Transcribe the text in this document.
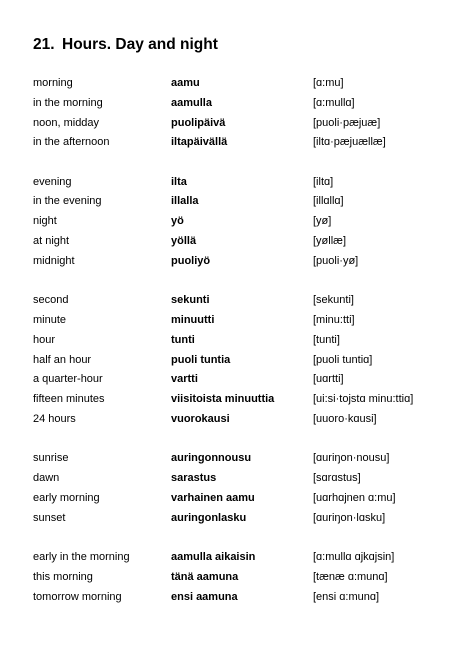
21. Hours. Day and night
morning	aamu	[ɑ:mu]
in the morning	aamulla	[ɑ:mullɑ]
noon, midday	puolipäivä	[puoli·pæjuæ]
in the afternoon	iltapäivällä	[iltɑ·pæjuællæ]
evening	ilta	[iltɑ]
in the evening	illalla	[illɑllɑ]
night	yö	[yø]
at night	yöllä	[yøllæ]
midnight	puoliyö	[puoli·yø]
second	sekunti	[sekunti]
minute	minuutti	[minu:tti]
hour	tunti	[tunti]
half an hour	puoli tuntia	[puoli tuntiɑ]
a quarter-hour	vartti	[uɑrtti]
fifteen minutes	viisitoista minuuttia	[ui:si·tojstɑ minu:ttiɑ]
24 hours	vuorokausi	[uuoro·kɑusi]
sunrise	auringonnousu	[ɑuriŋon·nousu]
dawn	sarastus	[sɑrɑstus]
early morning	varhainen aamu	[uɑrhɑjnen ɑ:mu]
sunset	auringonlasku	[ɑuriŋon·lɑsku]
early in the morning	aamulla aikaisin	[ɑ:mullɑ ɑjkɑjsin]
this morning	tänä aamuna	[tænæ ɑ:munɑ]
tomorrow morning	ensi aamuna	[ensi ɑ:munɑ]
